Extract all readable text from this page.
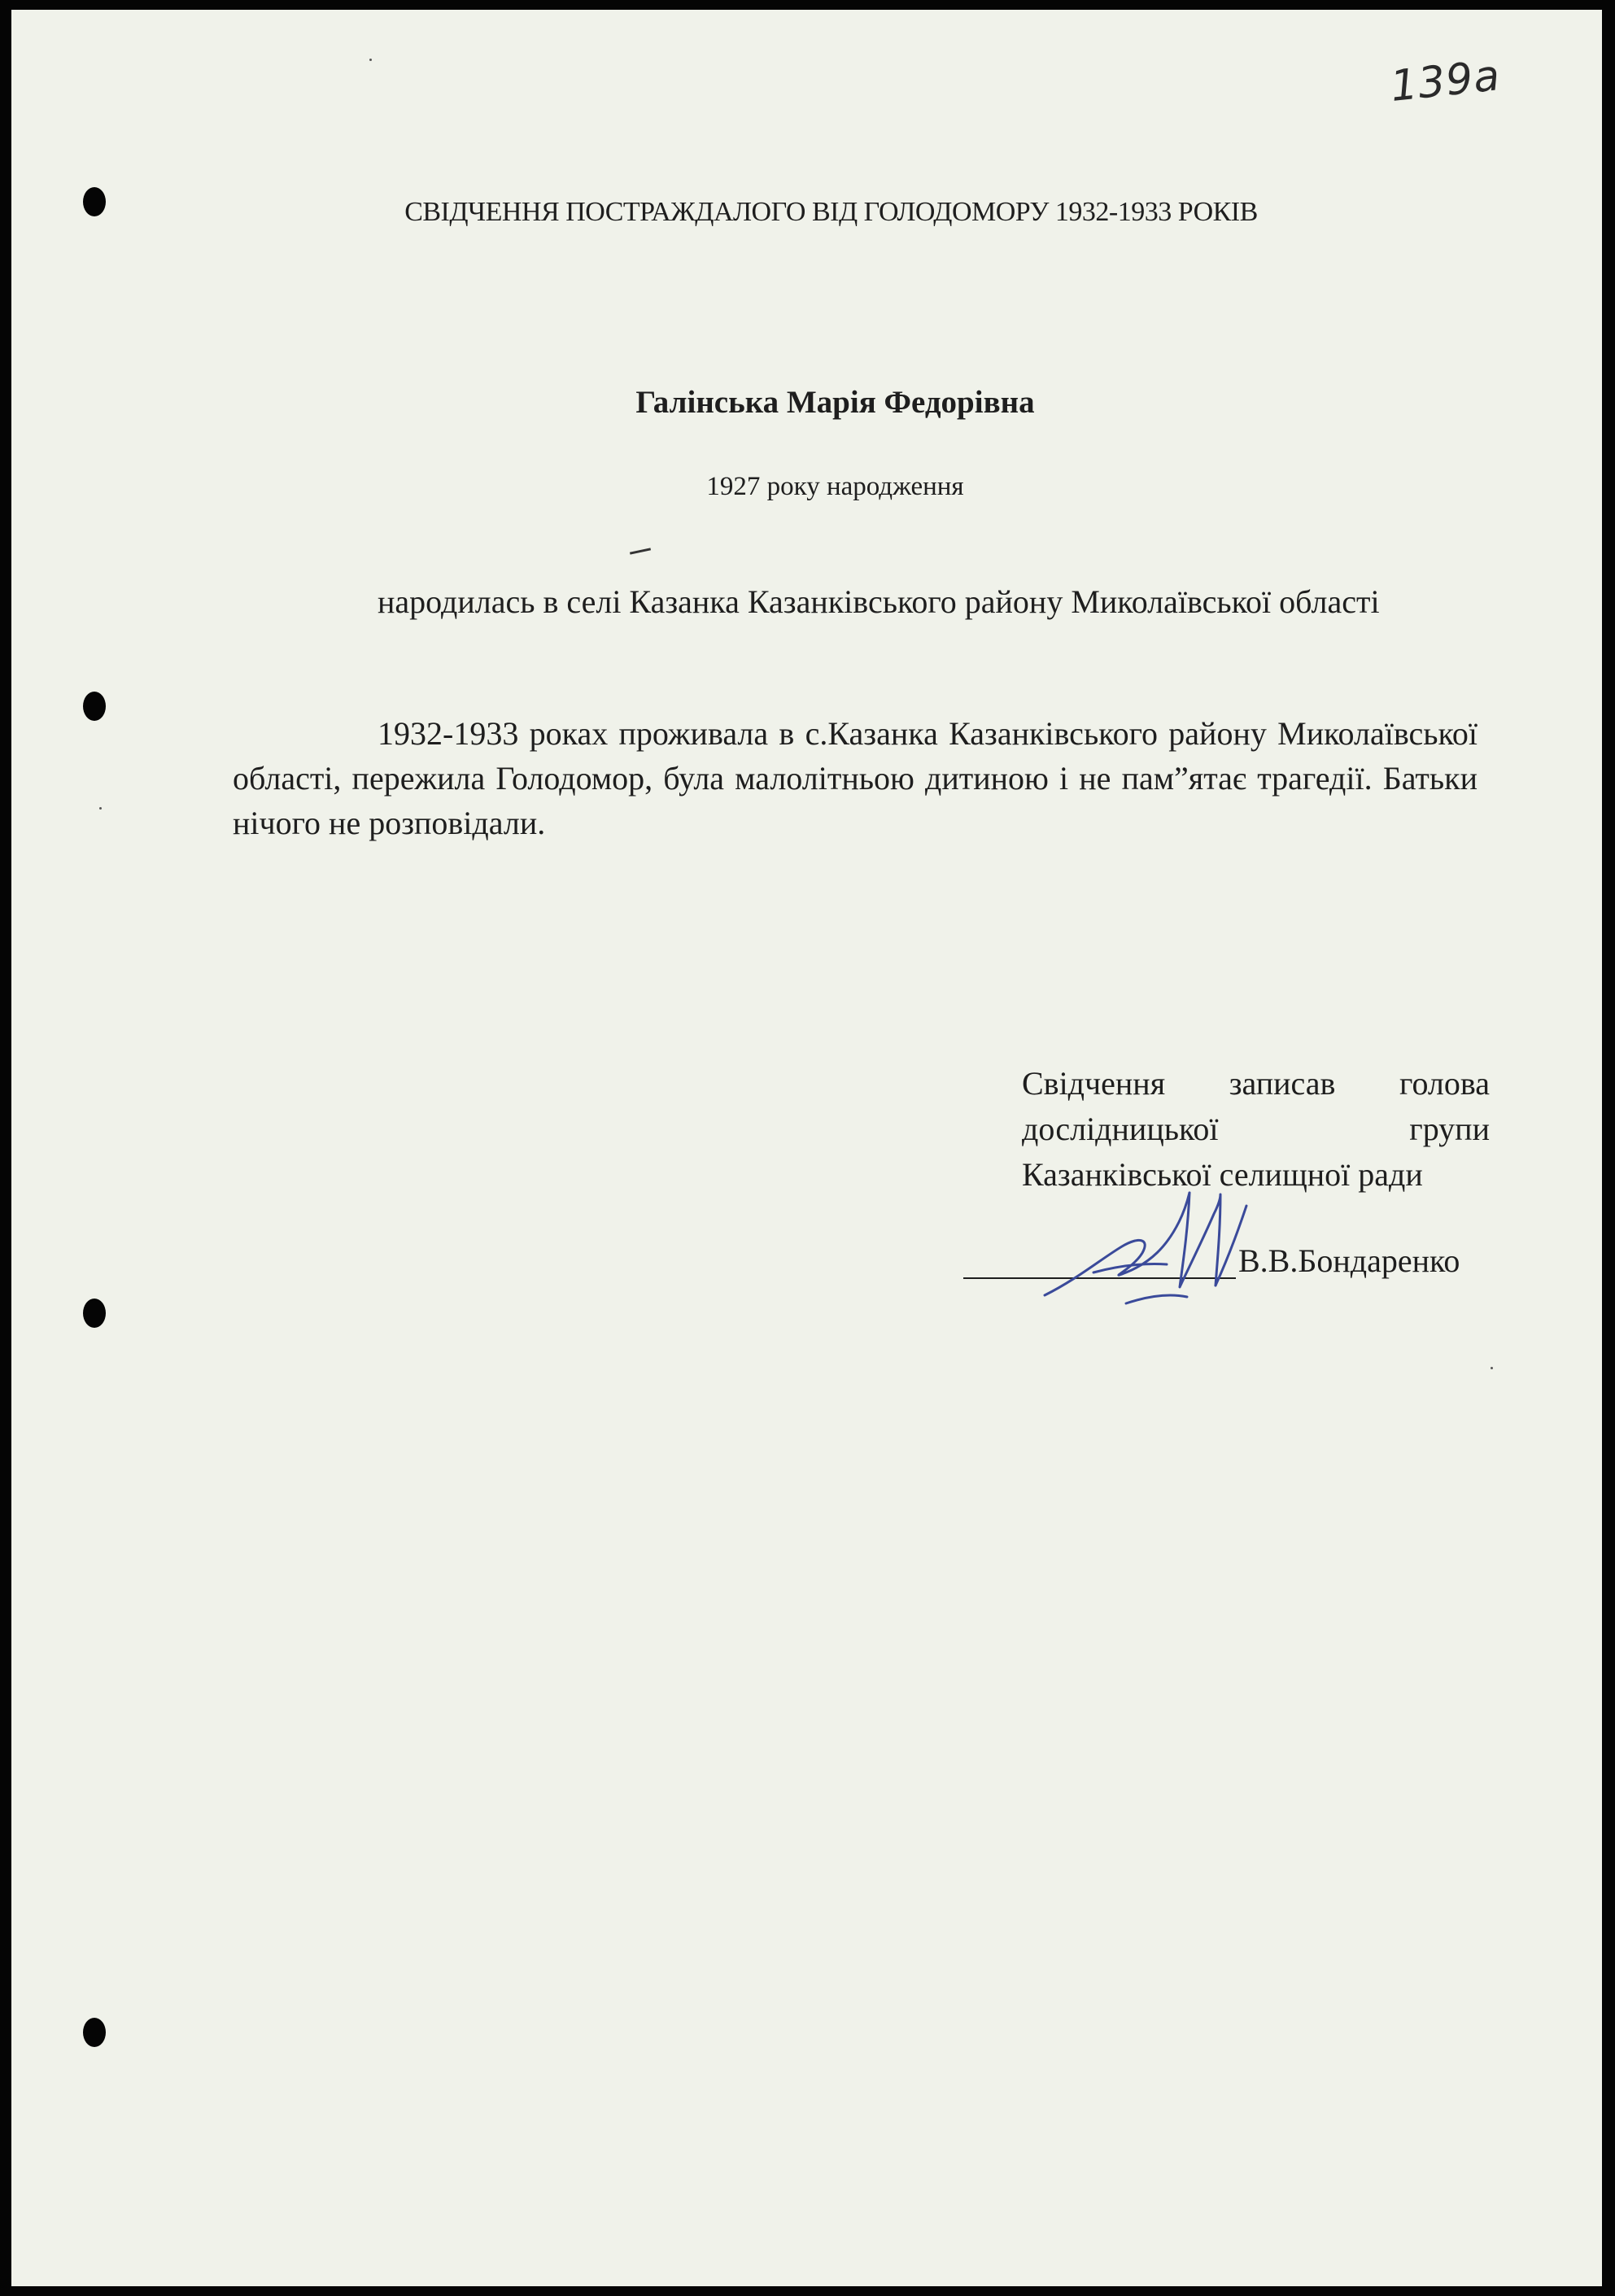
139а
СВІДЧЕННЯ ПОСТРАЖДАЛОГО ВІД ГОЛОДОМОРУ 1932-1933 РОКІВ
Галінська Марія Федорівна
1927 року народження
народилась в селі Казанка Казанківського району Миколаївської області
1932-1933 роках проживала в с.Казанка Казанківського району Миколаївської області, пережила Голодомор, була малолітньою дитиною і не пам”ятає трагедії. Батьки нічого не розповідали.
Свідчення записав голова
дослідницької групи
Казанківської селищної ради
В.В.Бондаренко
